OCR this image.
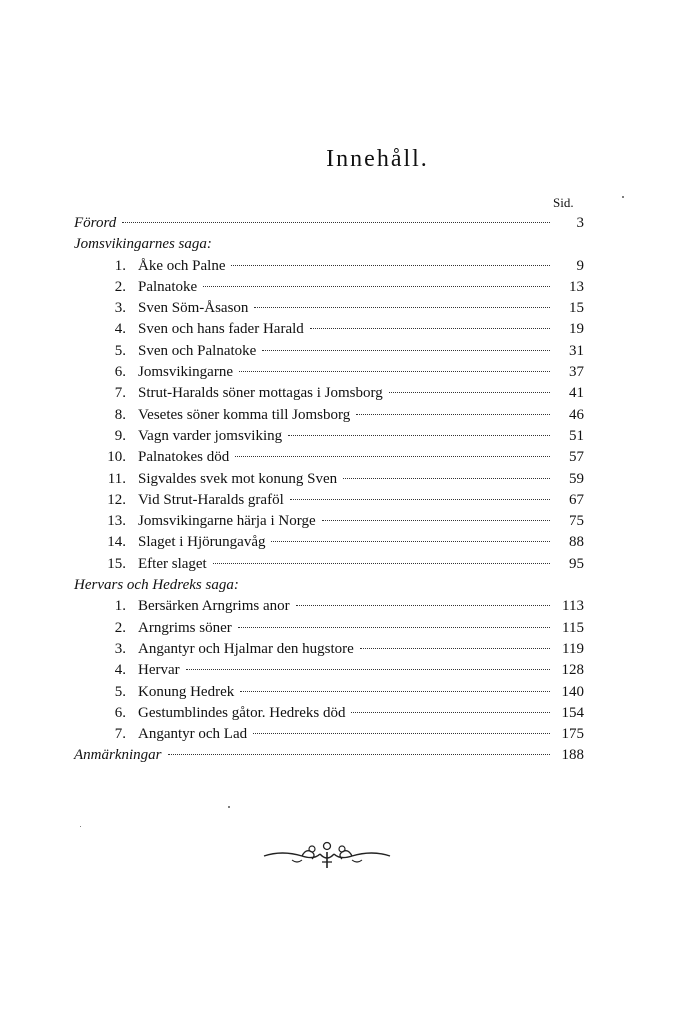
Innehåll.
Sid.
Förord	3
Jomsvikingarnes saga:
1. Åke och Palne	9
2. Palnatoke	13
3. Sven Söm-Åsason	15
4. Sven och hans fader Harald	19
5. Sven och Palnatoke	31
6. Jomsvikingarne	37
7. Strut-Haralds söner mottagas i Jomsborg	41
8. Vesetes söner komma till Jomsborg	46
9. Vagn varder jomsviking	51
10. Palnatokes död	57
11. Sigvaldes svek mot konung Sven	59
12. Vid Strut-Haralds graföl	67
13. Jomsvikingarne härja i Norge	75
14. Slaget i Hjörungavåg	88
15. Efter slaget	95
Hervars och Hedreks saga:
1. Bersärken Arngrims anor	113
2. Arngrims söner	115
3. Angantyr och Hjalmar den hugstore	119
4. Hervar	128
5. Konung Hedrek	140
6. Gestumblindes gåtor. Hedreks död	154
7. Angantyr och Lad	175
Anmärkningar	188
